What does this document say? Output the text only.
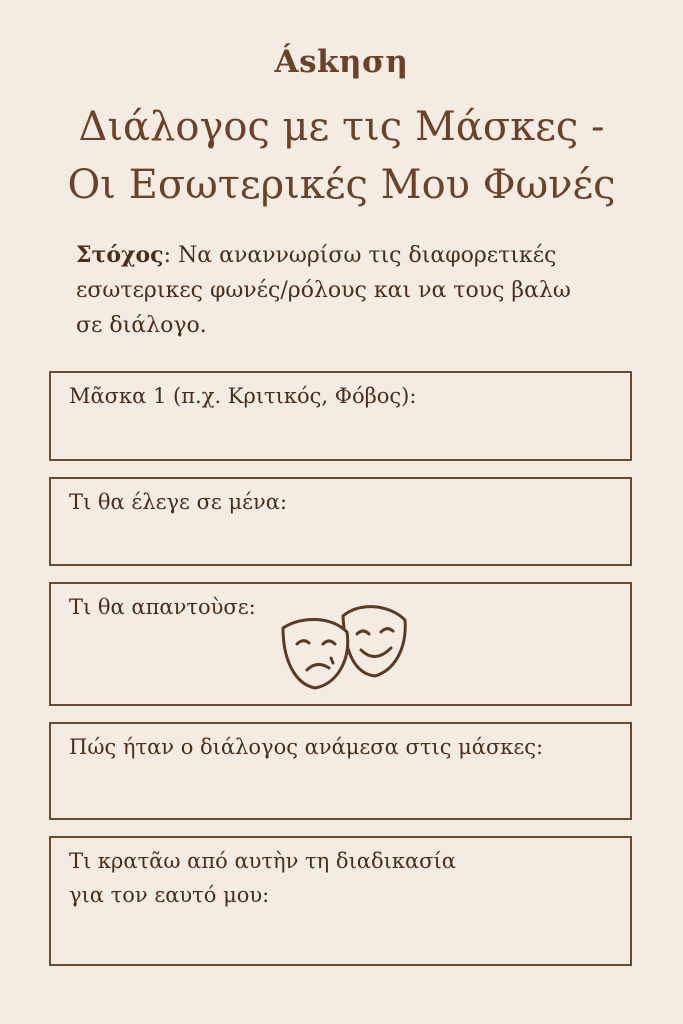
Áskηση
Διάλογος με τις Μάσκες -
Οι Εσωτερικές Μου Φωνές
Στόχος: Να αναννωρίσω τις διαφορετικές
εσωτερικες φωνές/ρόλους και να τους βαλω
σε διάλογο.
Μᾶσκα 1 (π.χ. Κριτικός, Φόβος):
Τι θα έλεγε σε μένα:
Τι θα απαντοὺσε:
Πώς ήταν ο διάλογος ανάμεσα στις μάσκες:
Τι κρατᾶω από αυτὴν τη διαδικασία
για τον εαυτό μου:
